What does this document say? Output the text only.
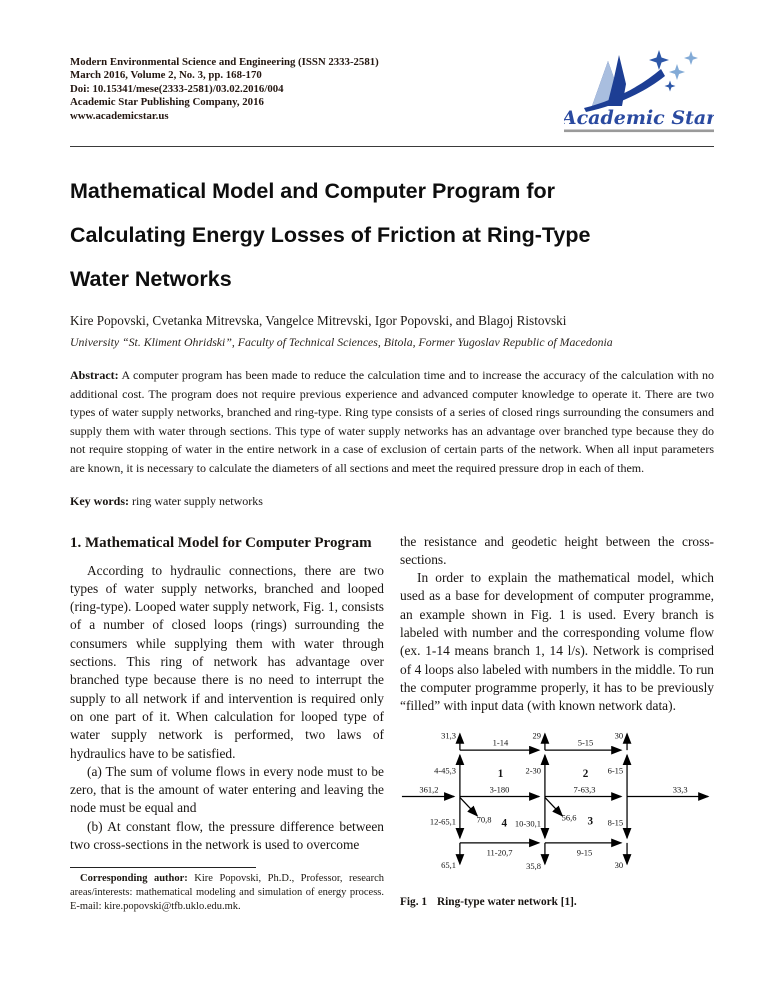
Modern Environmental Science and Engineering (ISSN 2333-2581)
March 2016, Volume 2, No. 3, pp. 168-170
Doi: 10.15341/mese(2333-2581)/03.02.2016/004
Academic Star Publishing Company, 2016
www.academicstar.us	Academic Star
Mathematical Model and Computer Program for
Calculating Energy Losses of Friction at Ring-Type
Water Networks
Kire Popovski, Cvetanka Mitrevska, Vangelce Mitrevski, Igor Popovski, and Blagoj Ristovski
University “St. Kliment Ohridski”, Faculty of Technical Sciences, Bitola, Former Yugoslav Republic of Macedonia

Abstract: A computer program has been made to reduce the calculation time and to increase the accuracy of the calculation with no additional cost. The program does not require previous experience and advanced computer knowledge to operate it. There are two types of water supply networks, branched and ring-type. Ring type consists of a series of closed rings surrounding the consumers and supply them with water through sections. This type of water supply networks has an advantage over branched type because they do not require stopping of water in the entire network in a case of exclusion of certain parts of the network. When all input parameters are known, it is necessary to calculate the diameters of all sections and meet the required pressure drop in each of them.

Key words: ring water supply networks

1. Mathematical Model for Computer Program

According to hydraulic connections, there are two types of water supply networks, branched and looped (ring-type). Looped water supply network, Fig. 1, consists of a number of closed loops (rings) surrounding the consumers while supplying them with water through sections. This ring of network has advantage over branched type because there is no need to interrupt the supply to all network if and intervention is required only on one part of it. When calculation for looped type of water supply network is performed, two laws of hydraulics have to be satisfied.

(a) The sum of volume flows in every node must to be zero, that is the amount of water entering and leaving the node must be equal and

(b) At constant flow, the pressure difference between two cross-sections in the network is used to overcome

Corresponding author: Kire Popovski, Ph.D., Professor, research areas/interests: mathematical modeling and simulation of energy process. E-mail: kire.popovski@tfb.uklo.edu.mk.

the resistance and geodetic height between the cross-sections.

In order to explain the mathematical model, which used as a base for development of computer programme, an example shown in Fig. 1 is used. Every branch is labeled with number and the corresponding volume flow (ex. 1-14 means branch 1, 14 l/s). Network is comprised of 4 loops also labeled with numbers in the middle. To run the computer programme properly, it has to be previously “filled” with input data (with known network data).

31,3	29	30
1-14	5-15
4-45,3	2-30	6-15
1	2
361,2	3-180	7-63,3	33,3
70,8	56,6
4	3
12-65,1	10-30,1	8-15
11-20,7	9-15
65,1	35,8	30
Fig. 1 Ring-type water network [1].
